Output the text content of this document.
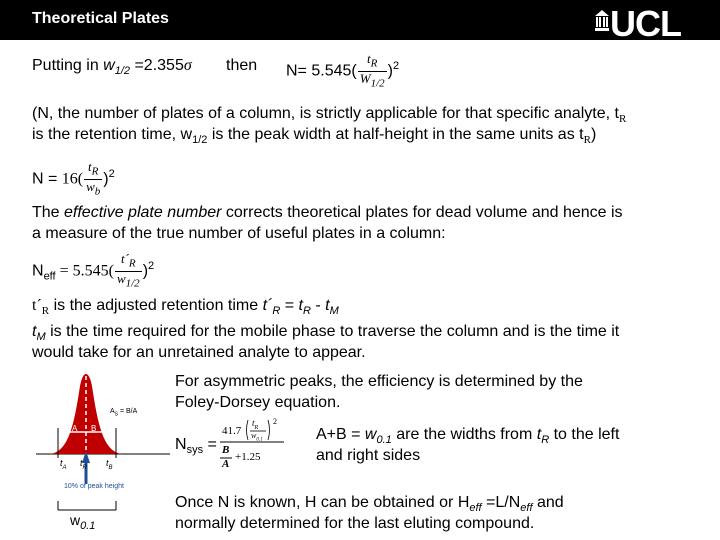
Theoretical Plates	UCL
Putting in $w_{1/2} =2.355\sigma$ then $N= 5.545( \frac{t_R}{W_{1/2}} )^2$
(N, the number of plates of a column, is strictly applicable for that specific analyte, $t_R$
is the retention time, $w_{1/2}$ is the peak width at half-height in the same units as $t_R$)
$N = 16( \frac{t_R}{w_b} )^2$
The effective plate number corrects theoretical plates for dead volume and hence is
a measure of the true number of useful plates in a column:
$N_{eff} = 5.545( \frac{t´_R}{w_{1/2}} )^2$
$t´_R$ is the adjusted retention time $t´_R = t_R - t_M$
$t_M$ is the time required for the mobile phase to traverse the column and is the time it
would take for an unretained analyte to appear.
$A_S = B/A$
A B
$t_A$ $t_R$ $t_B$
10% of peak height
$w_{0.1}$
For asymmetric peaks, the efficiency is determined by the
Foley-Dorsey equation.
$N_{sys}$ =
41.7
$t_R$
$w_{0.1}$
2
B
A
+1.25
$A+B = w_{0.1}$ are the widths from $t_R$ to the left
and right sides
Once N is known, H can be obtained or $H_{eff} =L/N_{eff}$ and
normally determined for the last eluting compound.
